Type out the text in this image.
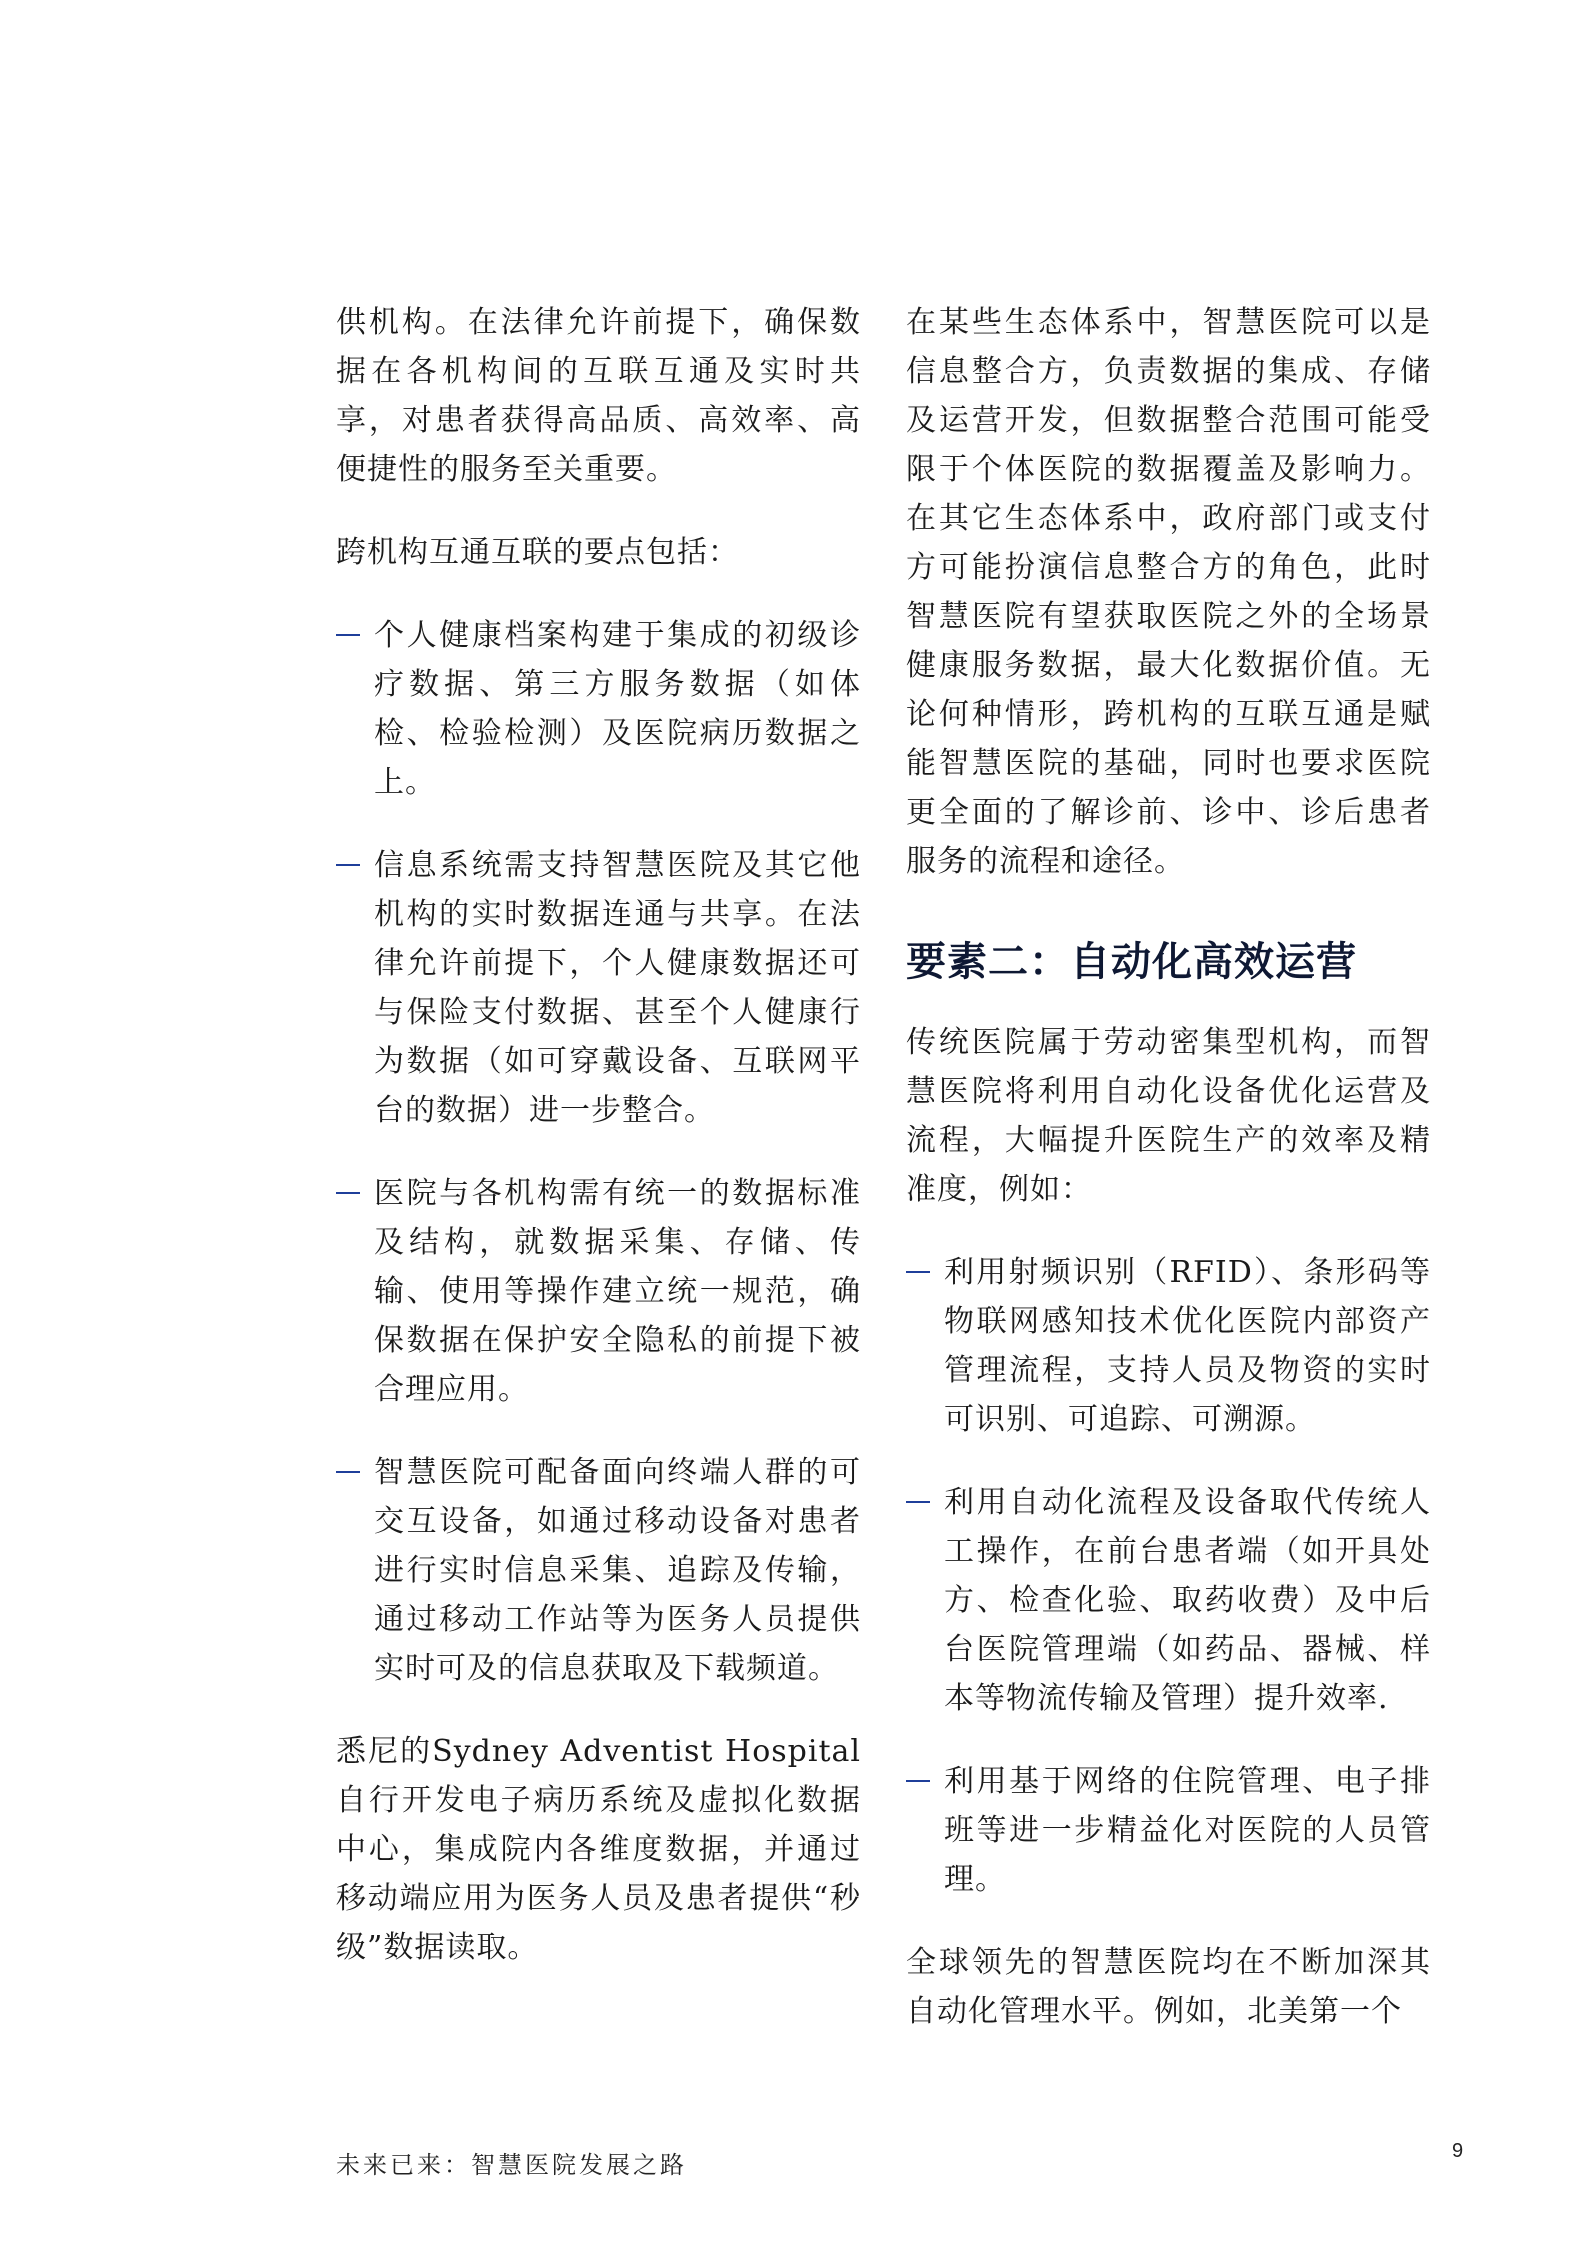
供机构。在法律允许前提下，确保数据在各机构间的互联互通及实时共享，对患者获得高品质、高效率、高便捷性的服务至关重要。

跨机构互通互联的要点包括：

个人健康档案构建于集成的初级诊疗数据、第三方服务数据（如体检、检验检测）及医院病历数据之上。
信息系统需支持智慧医院及其它他机构的实时数据连通与共享。在法律允许前提下，个人健康数据还可与保险支付数据、甚至个人健康行为数据（如可穿戴设备、互联网平台的数据）进一步整合。
医院与各机构需有统一的数据标准及结构，就数据采集、存储、传输、使用等操作建立统一规范，确保数据在保护安全隐私的前提下被合理应用。
智慧医院可配备面向终端人群的可交互设备，如通过移动设备对患者进行实时信息采集、追踪及传输，通过移动工作站等为医务人员提供实时可及的信息获取及下载频道。

悉尼的Sydney Adventist Hospital自行开发电子病历系统及虚拟化数据中心，集成院内各维度数据，并通过移动端应用为医务人员及患者提供“秒级”数据读取。

在某些生态体系中，智慧医院可以是信息整合方，负责数据的集成、存储及运营开发，但数据整合范围可能受限于个体医院的数据覆盖及影响力。在其它生态体系中，政府部门或支付方可能扮演信息整合方的角色，此时智慧医院有望获取医院之外的全场景健康服务数据，最大化数据价值。无论何种情形，跨机构的互联互通是赋能智慧医院的基础，同时也要求医院更全面的了解诊前、诊中、诊后患者服务的流程和途径。

要素二：自动化高效运营

传统医院属于劳动密集型机构，而智慧医院将利用自动化设备优化运营及流程，大幅提升医院生产的效率及精准度，例如：

利用射频识别（RFID）、条形码等物联网感知技术优化医院内部资产管理流程，支持人员及物资的实时可识别、可追踪、可溯源。
利用自动化流程及设备取代传统人工操作，在前台患者端（如开具处方、检查化验、取药收费）及中后台医院管理端（如药品、器械、样本等物流传输及管理）提升效率.
利用基于网络的住院管理、电子排班等进一步精益化对医院的人员管理。

全球领先的智慧医院均在不断加深其自动化管理水平。例如，北美第一个

未来已来：智慧医院发展之路	9
